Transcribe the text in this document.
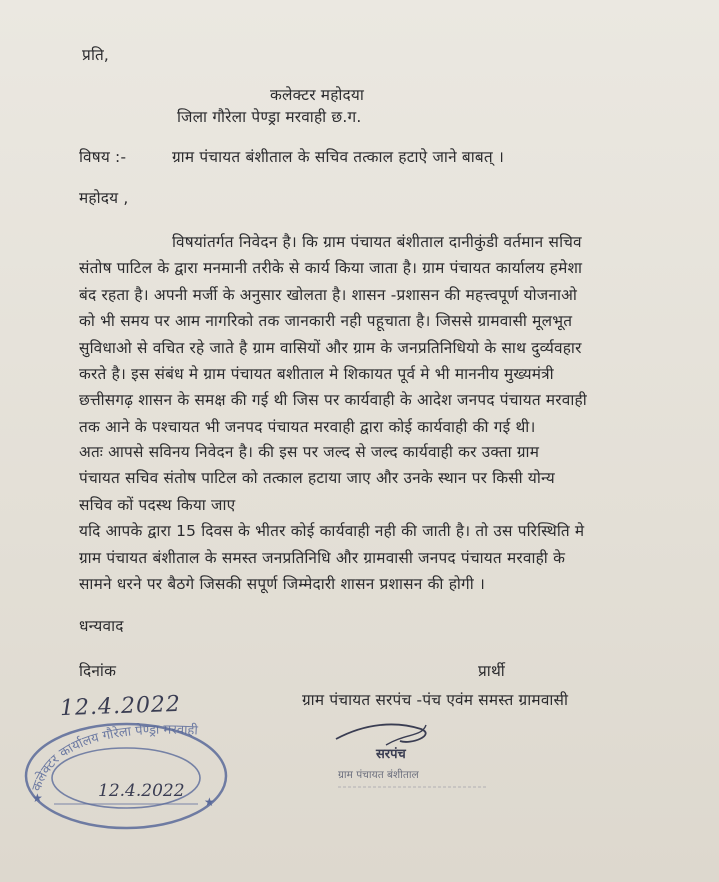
प्रति,
कलेक्टर महोदया
जिला गौरेला पेण्ड्रा मरवाही छ.ग.
विषय :-	ग्राम पंचायत बंशीताल के सचिव तत्काल हटाऐ जाने बाबत् ।
महोदय ,
विषयांतर्गत निवेदन है। कि ग्राम पंचायत बंशीताल दानीकुंडी वर्तमान सचिव
संतोष पाटिल के द्वारा मनमानी तरीके से कार्य किया जाता है। ग्राम पंचायत कार्यालय हमेशा
बंद रहता है। अपनी मर्जी के अनुसार खोलता है। शासन -प्रशासन की महत्त्वपूर्ण योजनाओ
को भी समय पर आम नागरिको तक जानकारी नही पहूचाता है। जिससे ग्रामवासी मूलभूत
सुविधाओ से वचित रहे जाते है ग्राम वासियों और ग्राम के जनप्रतिनिधियो के साथ दुर्व्यवहार
करते है। इस संबंध मे ग्राम पंचायत बशीताल मे शिकायत पूर्व मे भी माननीय मुख्यमंत्री
छत्तीसगढ़ शासन के समक्ष की गई थी जिस पर कार्यवाही के आदेश जनपद पंचायत मरवाही
तक आने के पश्चायत भी जनपद पंचायत मरवाही द्वारा कोई कार्यवाही की गई थी।
अतः आपसे सविनय निवेदन है। की इस पर जल्द से जल्द कार्यवाही कर उक्ता ग्राम
पंचायत सचिव संतोष पाटिल को तत्काल हटाया जाए और उनके स्थान पर किसी योन्य
सचिव कों पदस्थ किया जाए
यदि आपके द्वारा 15 दिवस के भीतर कोई कार्यवाही नही की जाती है। तो उस परिस्थिति मे
ग्राम पंचायत बंशीताल के समस्त जनप्रतिनिधि और ग्रामवासी जनपद पंचायत मरवाही के
सामने धरने पर बैठगे जिसकी सपूर्ण जिम्मेदारी शासन प्रशासन की होगी ।
धन्यवाद
दिनांक	प्रार्थी
12.4.2022	ग्राम पंचायत सरपंच -पंच एवंम समस्त ग्रामवासी
कलेक्टर कार्यालय गौरेला पेण्ड्रा मरवाही
★	★
12.4.2022
सरपंच
ग्राम पंचायत बंशीताल
